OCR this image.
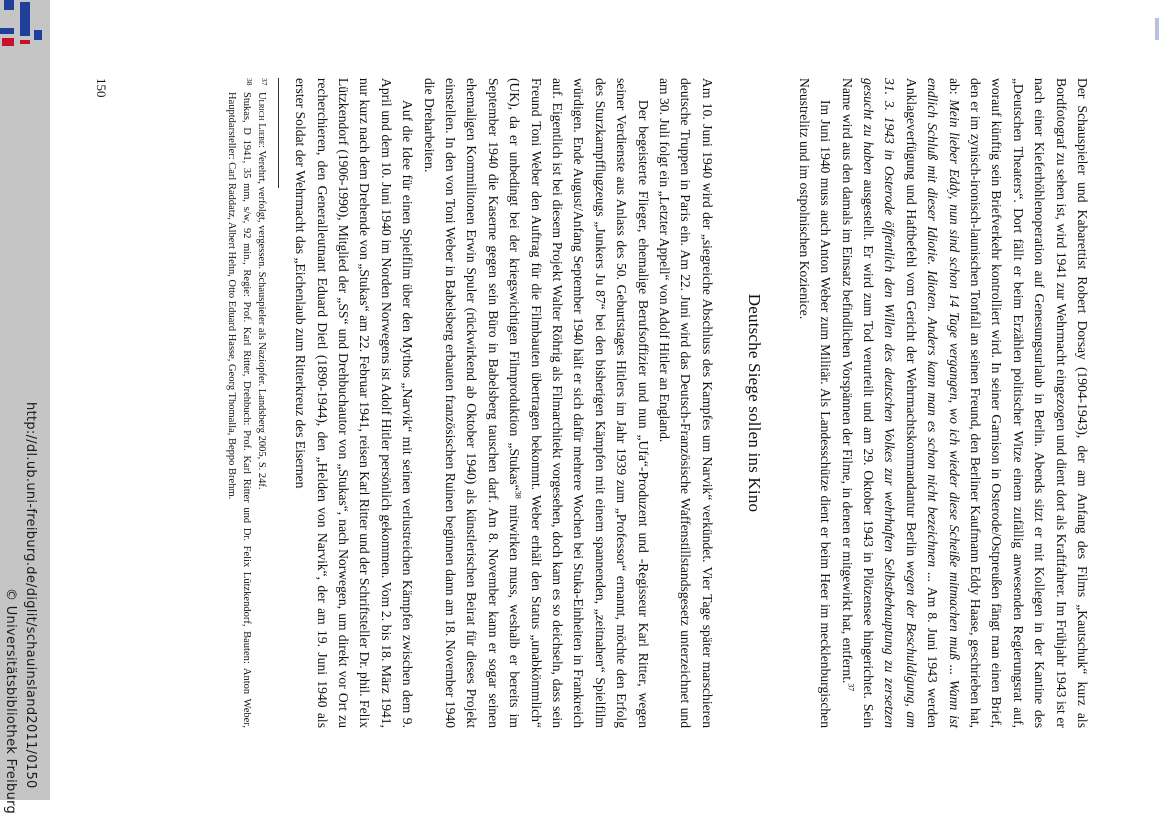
http://dl.ub.uni-freiburg.de/diglit/schauinsland2011/0150
© Universitätsbibliothek Freiburg	Der Schauspieler und Kabarettist Robert Dorsay (1904-1943), der am Anfang des Films „Kautschuk“ kurz als Bordfotograf zu sehen ist, wird 1941 zur Wehrmacht eingezogen und dient dort als Kraftfahrer. Im Frühjahr 1943 ist er nach einer Kieferhöhlenoperation auf Genesungsurlaub in Berlin. Abends sitzt er mit Kollegen in der Kantine des „Deutschen Theaters“. Dort fällt er beim Erzählen politischer Witze einem zufällig anwesenden Regierungsrat auf, worauf künftig sein Briefverkehr kontrolliert wird. In seiner Garnison in Osterode/Ostpreußen fängt man einen Brief, den er im zynisch-ironisch-launischen Tonfall an seinen Freund, den Berliner Kaufmann Eddy Haase, geschrieben hat, ab: Mein lieber Eddy, nun sind schon 14 Tage vergangen, wo ich wieder diese Scheiße mitmachen muß ... Wann ist endlich Schluß mit dieser Idiotie. Idioten. Anders kann man es schon nicht bezeichnen ... Am 8. Juni 1943 werden Anklageverfügung und Haftbefehl vom Gericht der Wehrmachtskommandantur Berlin wegen der Beschuldigung, am 31. 3. 1943 in Osterode öffentlich den Willen des deutschen Volkes zur wehrhaften Selbstbehauptung zu zersetzen gesucht zu haben ausgestellt. Er wird zum Tod verurteilt und am 29. Oktober 1943 in Plötzensee hingerichtet. Sein Name wird aus den damals im Einsatz befindlichen Vorspännen der Filme, in denen er mitgewirkt hat, entfernt.$^{37}$

Im Juni 1940 muss auch Anton Weber zum Militär. Als Landesschütze dient er beim Heer im mecklenburgischen Neustrelitz und im ostpolnischen Kozienice.

Deutsche Siege sollen ins Kino

Am 10. Juni 1940 wird der „siegreiche Abschluss des Kampfes um Narvik“ verkündet. Vier Tage später marschieren deutsche Truppen in Paris ein. Am 22. Juni wird das Deutsch-Französische Waffenstillstandsgesetz unterzeichnet und am 30. Juli folgt ein „Letzter Appell“ von Adolf Hitler an England.

Der begeisterte Flieger, ehemalige Berufsoffizier und nun „Ufa“-Produzent und -Regisseur Karl Ritter, wegen seiner Verdienste aus Anlass des 50. Geburtstages Hitlers im Jahr 1939 zum „Professor“ ernannt, möchte den Erfolg des Sturzkampfflugzeugs „Junkers Ju 87“ bei den bisherigen Kämpfen mit einem spannenden, „zeitnahen“ Spielfilm würdigen. Ende August/Anfang September 1940 hält er sich dafür mehrere Wochen bei Stuka-Einheiten in Frankreich auf. Eigentlich ist bei diesem Projekt Walter Röhrig als Filmarchitekt vorgesehen, doch kam es so deichseln, dass sein Freund Toni Weber den Auftrag für die Filmbauten übertragen bekommt. Weber erhält den Status „unabkömmlich“ (UK), da er unbedingt bei der kriegswichtigen Filmproduktion „Stukas“$^{38}$ mitwirken muss, weshalb er bereits im September 1940 die Kaserne gegen sein Büro in Babelsberg tauschen darf. Am 8. November kann er sogar seinen ehemaligen Kommilitonen Erwin Spuler (rückwirkend ab Oktober 1940) als künstlerischen Beirat für dieses Projekt einstellen. In den von Toni Weber in Babelsberg erbauten französischen Ruinen beginnen dann am 18. November 1940 die Dreharbeiten.

Auf die Idee für einen Spielfilm über den Mythos „Narvik“ mit seinen verlustreichen Kämpfen zwischen dem 9. April und dem 10. Juni 1940 im Norden Norwegens ist Adolf Hitler persönlich gekommen. Vom 2. bis 18. März 1941, nur kurz nach dem Drehende von „Stukas“ am 22. Februar 1941, reisen Karl Ritter und der Schriftsteller Dr. phil. Felix Lützkendorf (1906-1990), Mitglied der „SS“ und Drehbuchautor von „Stukas“, nach Norwegen, um direkt vor Ort zu recherchieren, den Generalleutnant Eduard Dietl (1890-1944), den „Helden von Narvik“, der am 19. Juni 1940 als erster Soldat der Wehrmacht das „Eichenlaub zum Ritterkreuz des Eisernen

37
Ulrich Liebe: Verehrt, verfolgt, vergessen. Schauspieler als Naziopfer. Landsberg 2005, S. 24f.
38
Stukas, D 1941, 35 mm, s/w, 92 min., Regie: Prof. Karl Ritter, Drehbuch: Prof. Karl Ritter und Dr. Felix Lützkendorf, Bauten: Anton Weber, Hauptdarsteller: Carl Raddatz, Albert Hehn, Otto Eduard Hasse, Georg Thomalla, Beppo Brehm.
150
